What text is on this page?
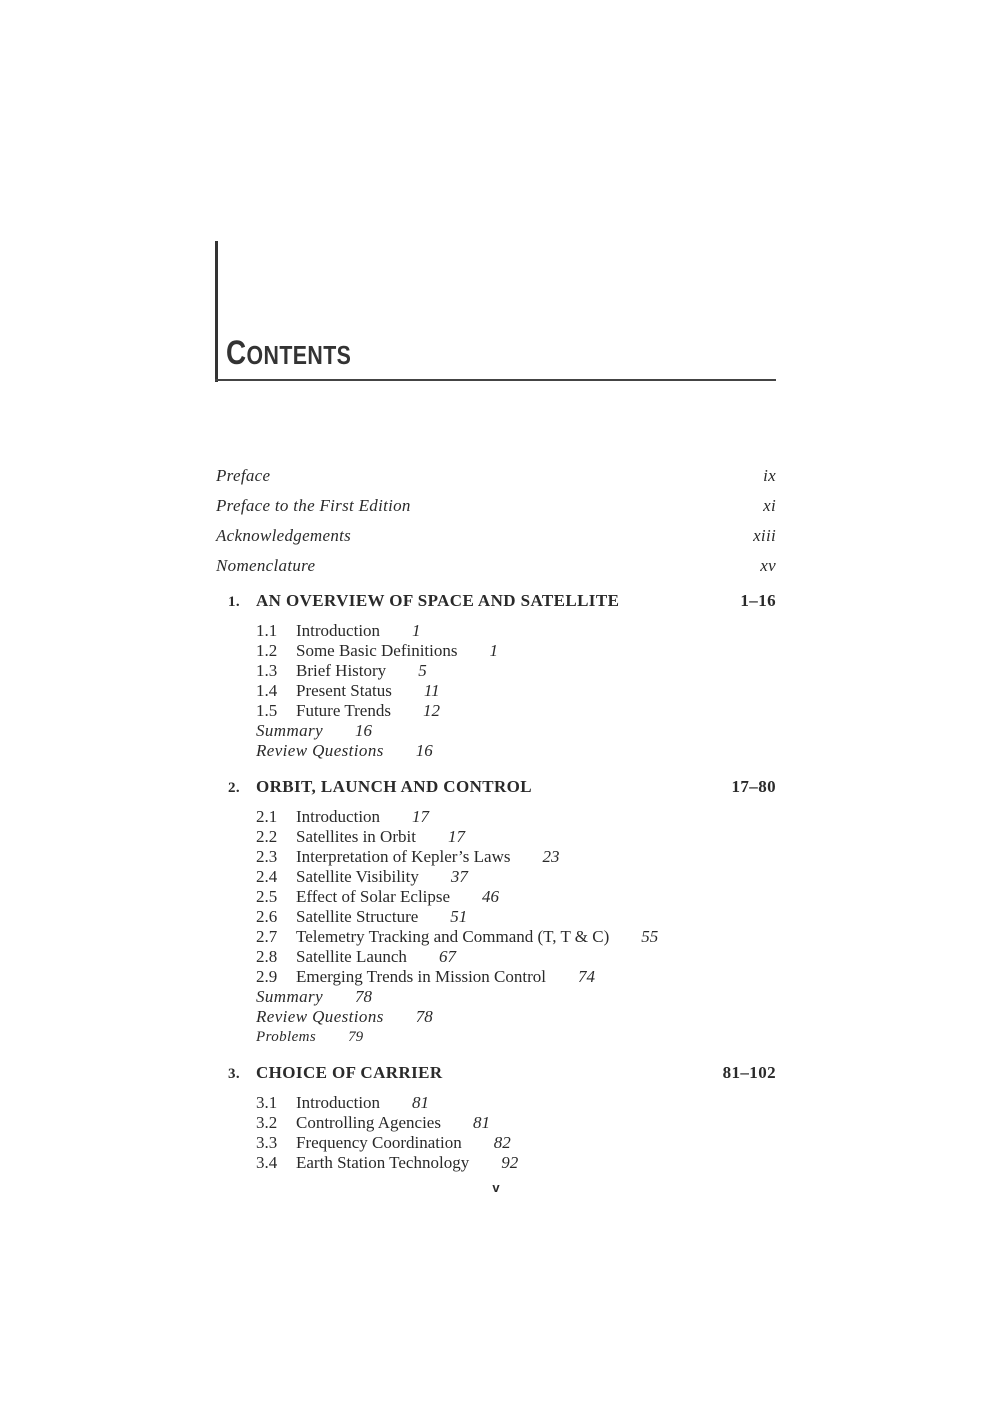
CONTENTS
Preface	ix
Preface to the First Edition	xi
Acknowledgements	xiii
Nomenclature	xv
1. AN OVERVIEW OF SPACE AND SATELLITE	1–16
1.1 Introduction 1
1.2 Some Basic Definitions 1
1.3 Brief History 5
1.4 Present Status 11
1.5 Future Trends 12
Summary 16
Review Questions 16
2. ORBIT, LAUNCH AND CONTROL	17–80
2.1 Introduction 17
2.2 Satellites in Orbit 17
2.3 Interpretation of Kepler’s Laws 23
2.4 Satellite Visibility 37
2.5 Effect of Solar Eclipse 46
2.6 Satellite Structure 51
2.7 Telemetry Tracking and Command (T, T & C) 55
2.8 Satellite Launch 67
2.9 Emerging Trends in Mission Control 74
Summary 78
Review Questions 78
Problems 79
3. CHOICE OF CARRIER	81–102
3.1 Introduction 81
3.2 Controlling Agencies 81
3.3 Frequency Coordination 82
3.4 Earth Station Technology 92
v
